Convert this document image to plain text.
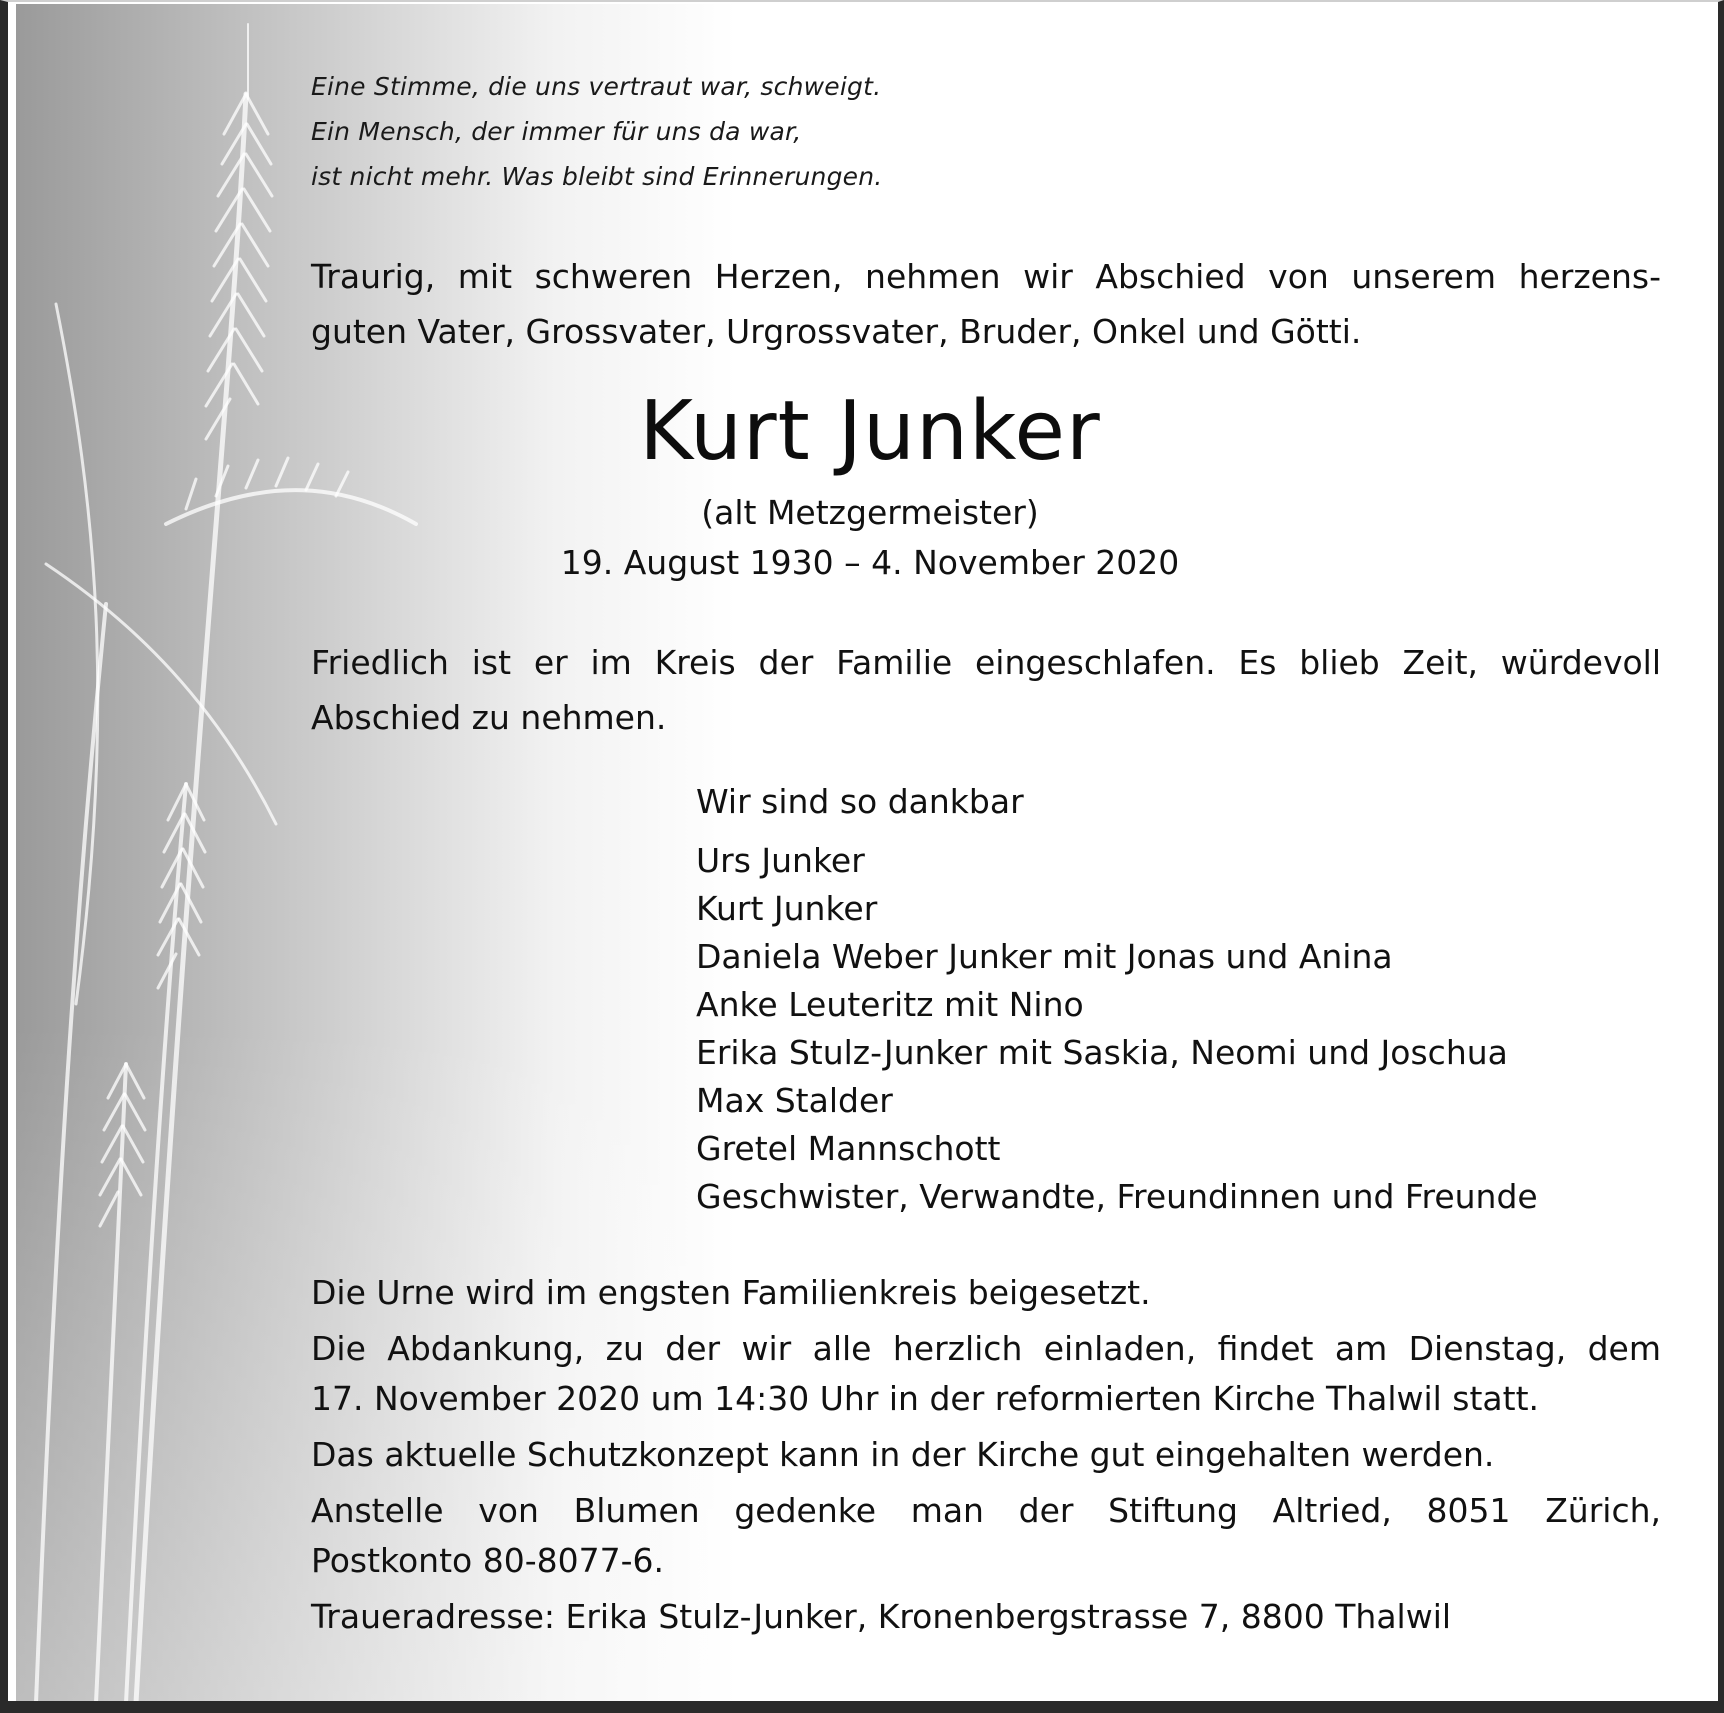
Eine Stimme, die uns vertraut war, schweigt.
Ein Mensch, der immer für uns da war,
ist nicht mehr. Was bleibt sind Erinnerungen.
Traurig, mit schweren Herzen, nehmen wir Abschied von unserem herzens-
guten Vater, Grossvater, Urgrossvater, Bruder, Onkel und Götti.
Kurt Junker
(alt Metzgermeister)
19. August 1930 – 4. November 2020
Friedlich ist er im Kreis der Familie eingeschlafen. Es blieb Zeit, würdevoll
Abschied zu nehmen.
Wir sind so dankbar
Urs Junker
Kurt Junker
Daniela Weber Junker mit Jonas und Anina
Anke Leuteritz mit Nino
Erika Stulz-Junker mit Saskia, Neomi und Joschua
Max Stalder
Gretel Mannschott
Geschwister, Verwandte, Freundinnen und Freunde
Die Urne wird im engsten Familienkreis beigesetzt.
Die Abdankung, zu der wir alle herzlich einladen, findet am Dienstag, dem
17. November 2020 um 14:30 Uhr in der reformierten Kirche Thalwil statt.
Das aktuelle Schutzkonzept kann in der Kirche gut eingehalten werden.
Anstelle von Blumen gedenke man der Stiftung Altried, 8051 Zürich,
Postkonto 80-8077-6.
Traueradresse: Erika Stulz-Junker, Kronenbergstrasse 7, 8800 Thalwil
